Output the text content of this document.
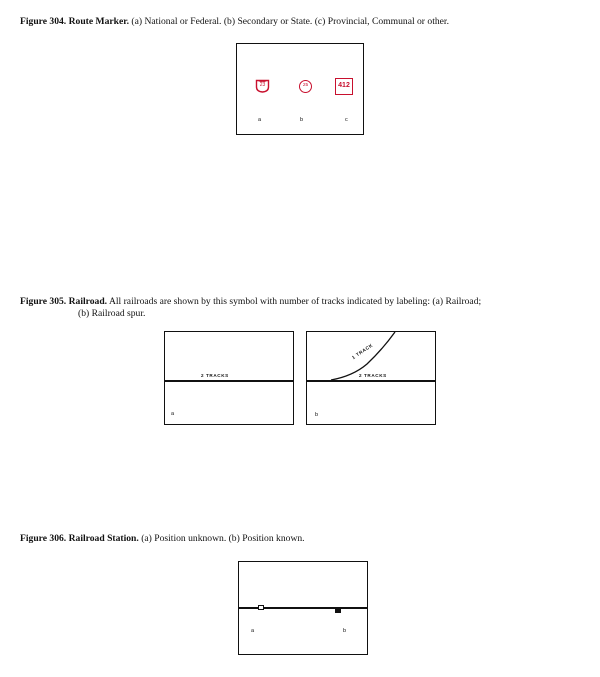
Figure 304. Route Marker. (a) National or Federal. (b) Secondary or State. (c) Provincial, Communal or other.
23	25	412
a	b	c
Figure 305. Railroad. All railroads are shown by this symbol with number of tracks indicated by labeling: (a) Railroad;
(b) Railroad spur.
2 TRACKS
a
1 TRACK
2 TRACKS
b
Figure 306. Railroad Station. (a) Position unknown. (b) Position known.
a	b
